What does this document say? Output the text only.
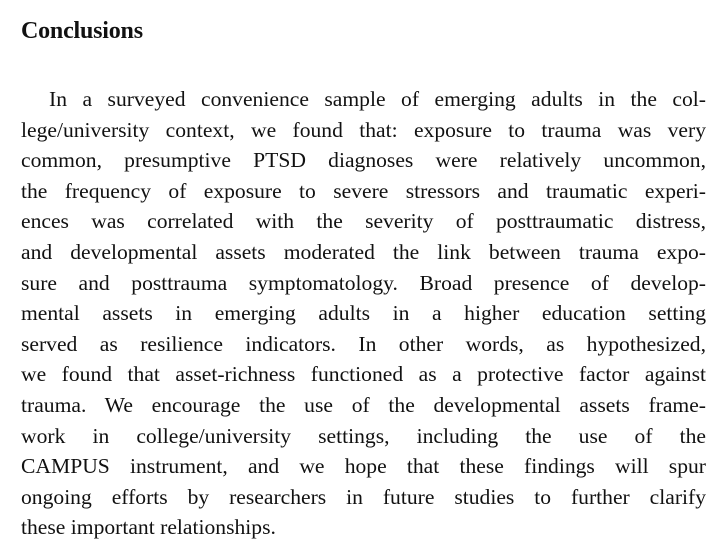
Conclusions
In a surveyed convenience sample of emerging adults in the col-
lege/university context, we found that: exposure to trauma was very
common, presumptive PTSD diagnoses were relatively uncommon,
the frequency of exposure to severe stressors and traumatic experi-
ences was correlated with the severity of posttraumatic distress,
and developmental assets moderated the link between trauma expo-
sure and posttrauma symptomatology. Broad presence of develop-
mental assets in emerging adults in a higher education setting
served as resilience indicators. In other words, as hypothesized,
we found that asset-richness functioned as a protective factor against
trauma. We encourage the use of the developmental assets frame-
work in college/university settings, including the use of the
CAMPUS instrument, and we hope that these findings will spur
ongoing efforts by researchers in future studies to further clarify
these important relationships.
